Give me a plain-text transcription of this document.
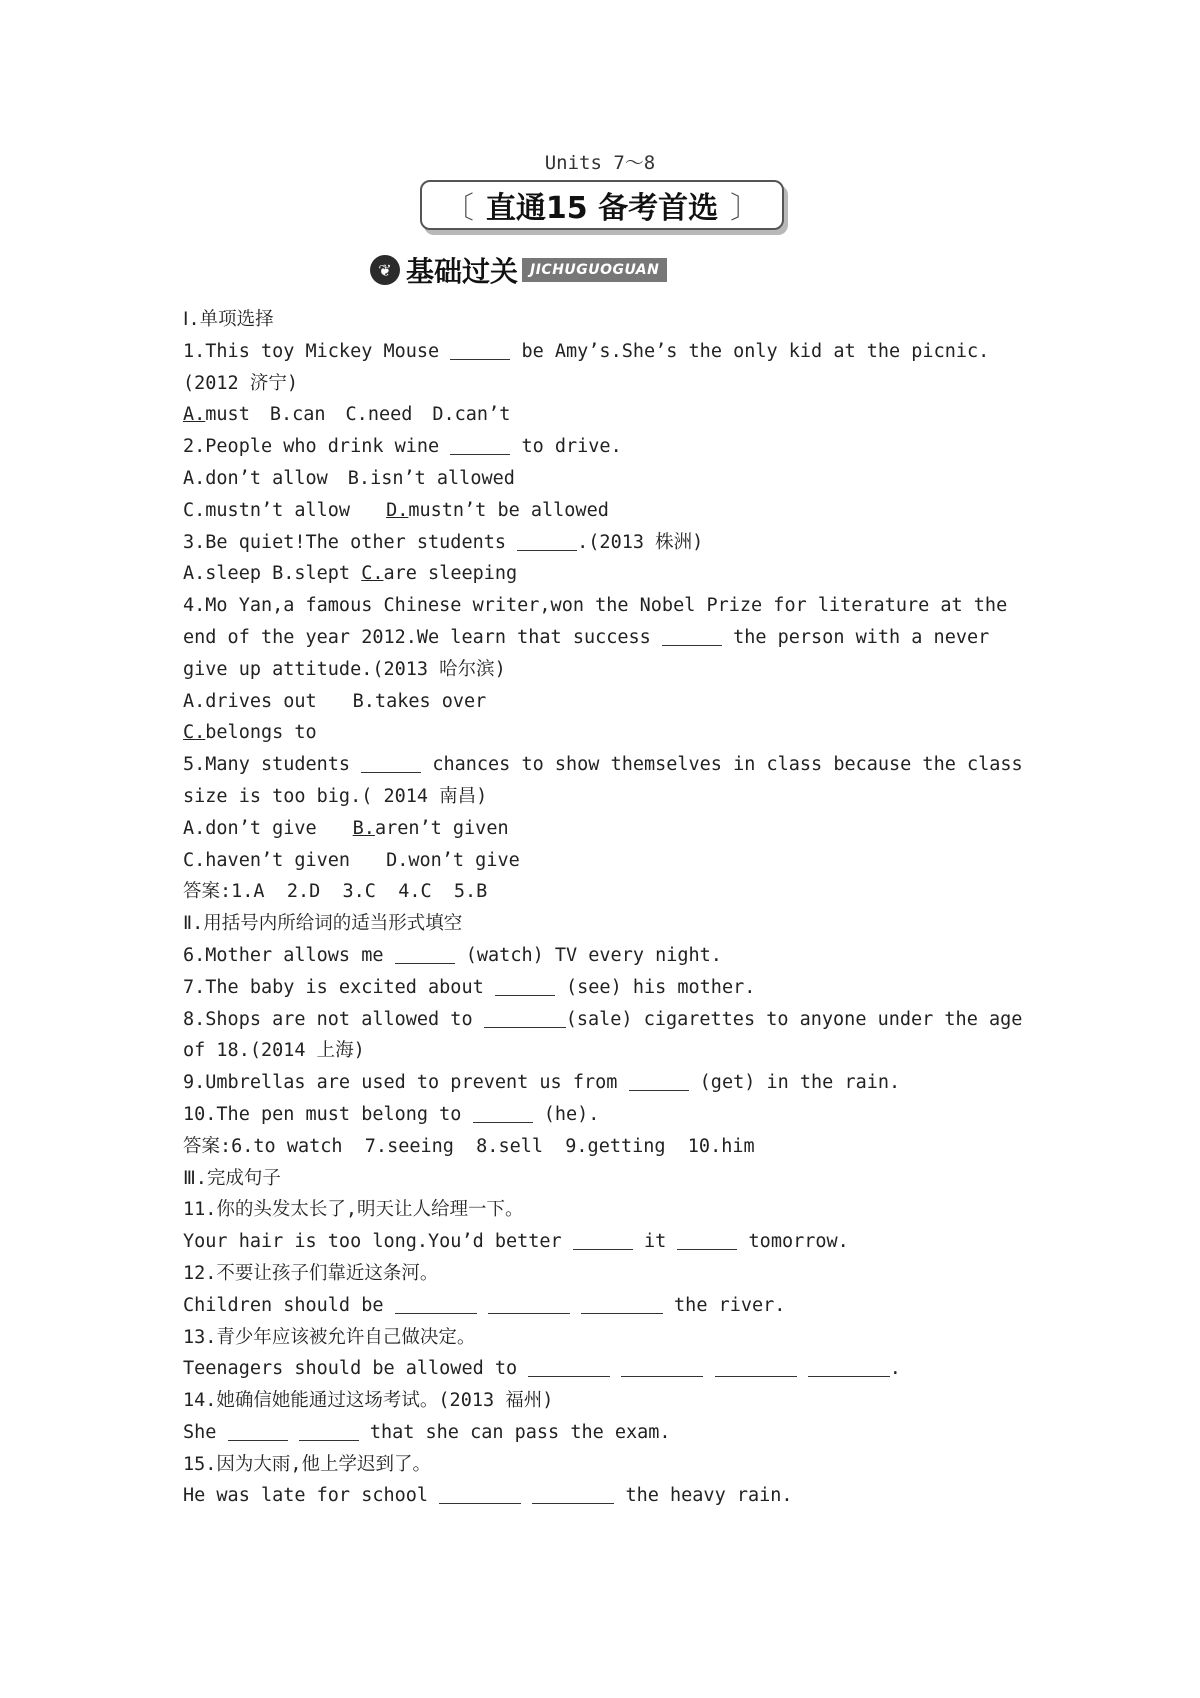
Units 7～8
〔 直通15 备考首选 〕
❦ 基础过关 JICHUGUOGUAN
Ⅰ.单项选择
1.This toy Mickey Mouse	be Amy’s.She’s the only kid at the picnic.(2012 济宁)
A.must B.can C.need D.can’t
2.People who drink wine	to drive.
A.don’t allow B.isn’t allowed
C.mustn’t allow D.mustn’t be allowed
3.Be quiet!The other students	.(2013 株洲)
A.sleep B.slept C.are sleeping
4.Mo Yan,a famous Chinese writer,won the Nobel Prize for literature at the end of the year 2012.We learn that success	the person with a never give up attitude.(2013 哈尔滨)
A.drives out B.takes over
C.belongs to
5.Many students	chances to show themselves in class because the class size is too big.( 2014 南昌)
A.don’t give B.aren’t given
C.haven’t given D.won’t give
答案:1.A  2.D  3.C  4.C  5.B
Ⅱ.用括号内所给词的适当形式填空
6.Mother allows me	(watch) TV every night.
7.The baby is excited about	(see) his mother.
8.Shops are not allowed to	(sale) cigarettes to anyone under the age of 18.(2014 上海)
9.Umbrellas are used to prevent us from	(get) in the rain.
10.The pen must belong to	(he).
答案:6.to watch  7.seeing  8.sell  9.getting  10.him
Ⅲ.完成句子
11.你的头发太长了,明天让人给理一下。
Your hair is too long.You’d better	it	tomorrow.
12.不要让孩子们靠近这条河。
Children should be	the river.
13.青少年应该被允许自己做决定。
Teenagers should be allowed to	.
14.她确信她能通过这场考试。(2013 福州)
She	that she can pass the exam.
15.因为大雨,他上学迟到了。
He was late for school	the heavy rain.
